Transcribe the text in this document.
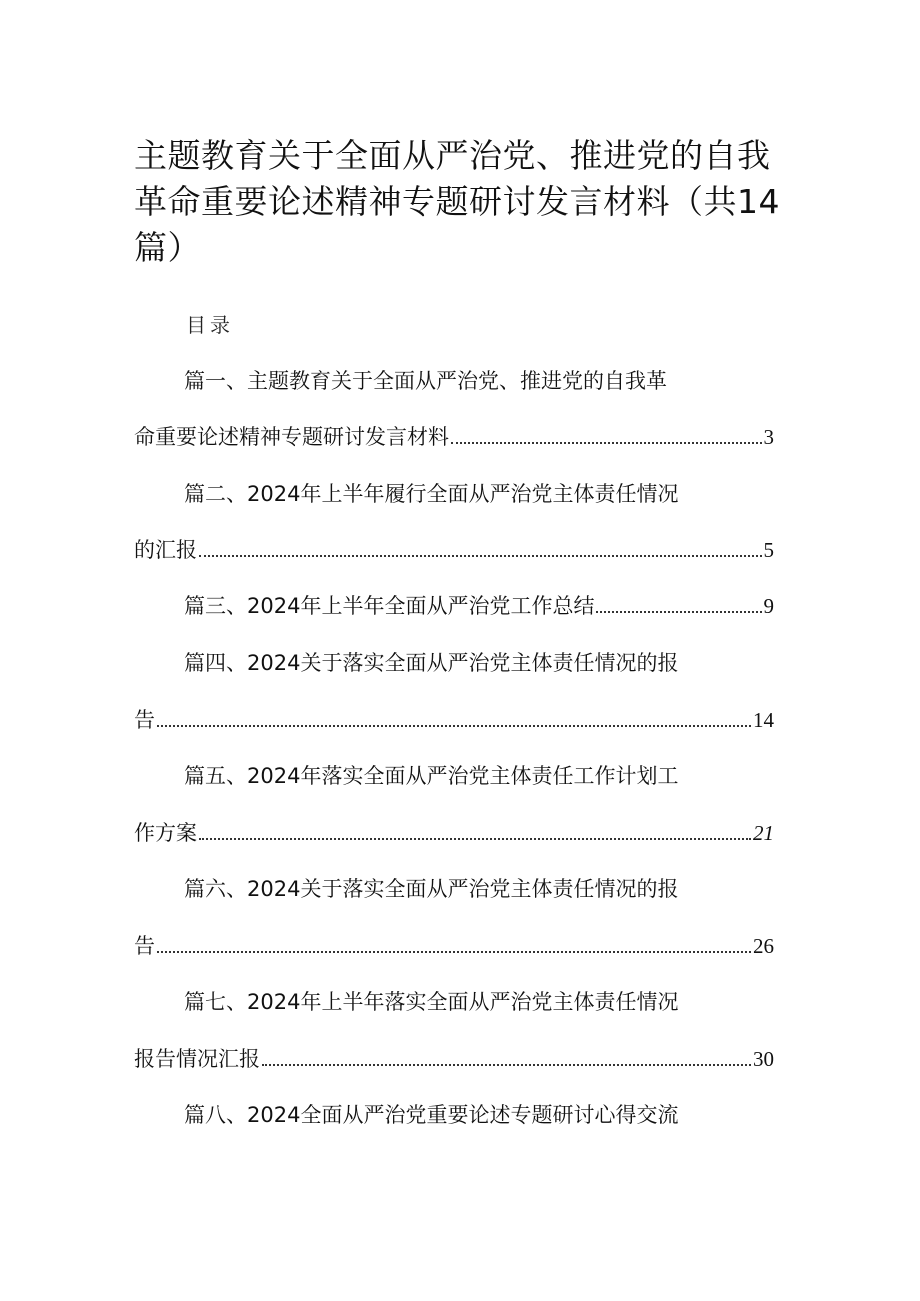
主题教育关于全面从严治党、推进党的自我革命重要论述精神专题研讨发言材料（共14篇）
目录
篇一、主题教育关于全面从严治党、推进党的自我革
命重要论述精神专题研讨发言材料	3
篇二、2024年上半年履行全面从严治党主体责任情况
的汇报	5
篇三、2024年上半年全面从严治党工作总结	9
篇四、2024关于落实全面从严治党主体责任情况的报
告	14
篇五、2024年落实全面从严治党主体责任工作计划工
作方案	21
篇六、2024关于落实全面从严治党主体责任情况的报
告	26
篇七、2024年上半年落实全面从严治党主体责任情况
报告情况汇报	30
篇八、2024全面从严治党重要论述专题研讨心得交流
